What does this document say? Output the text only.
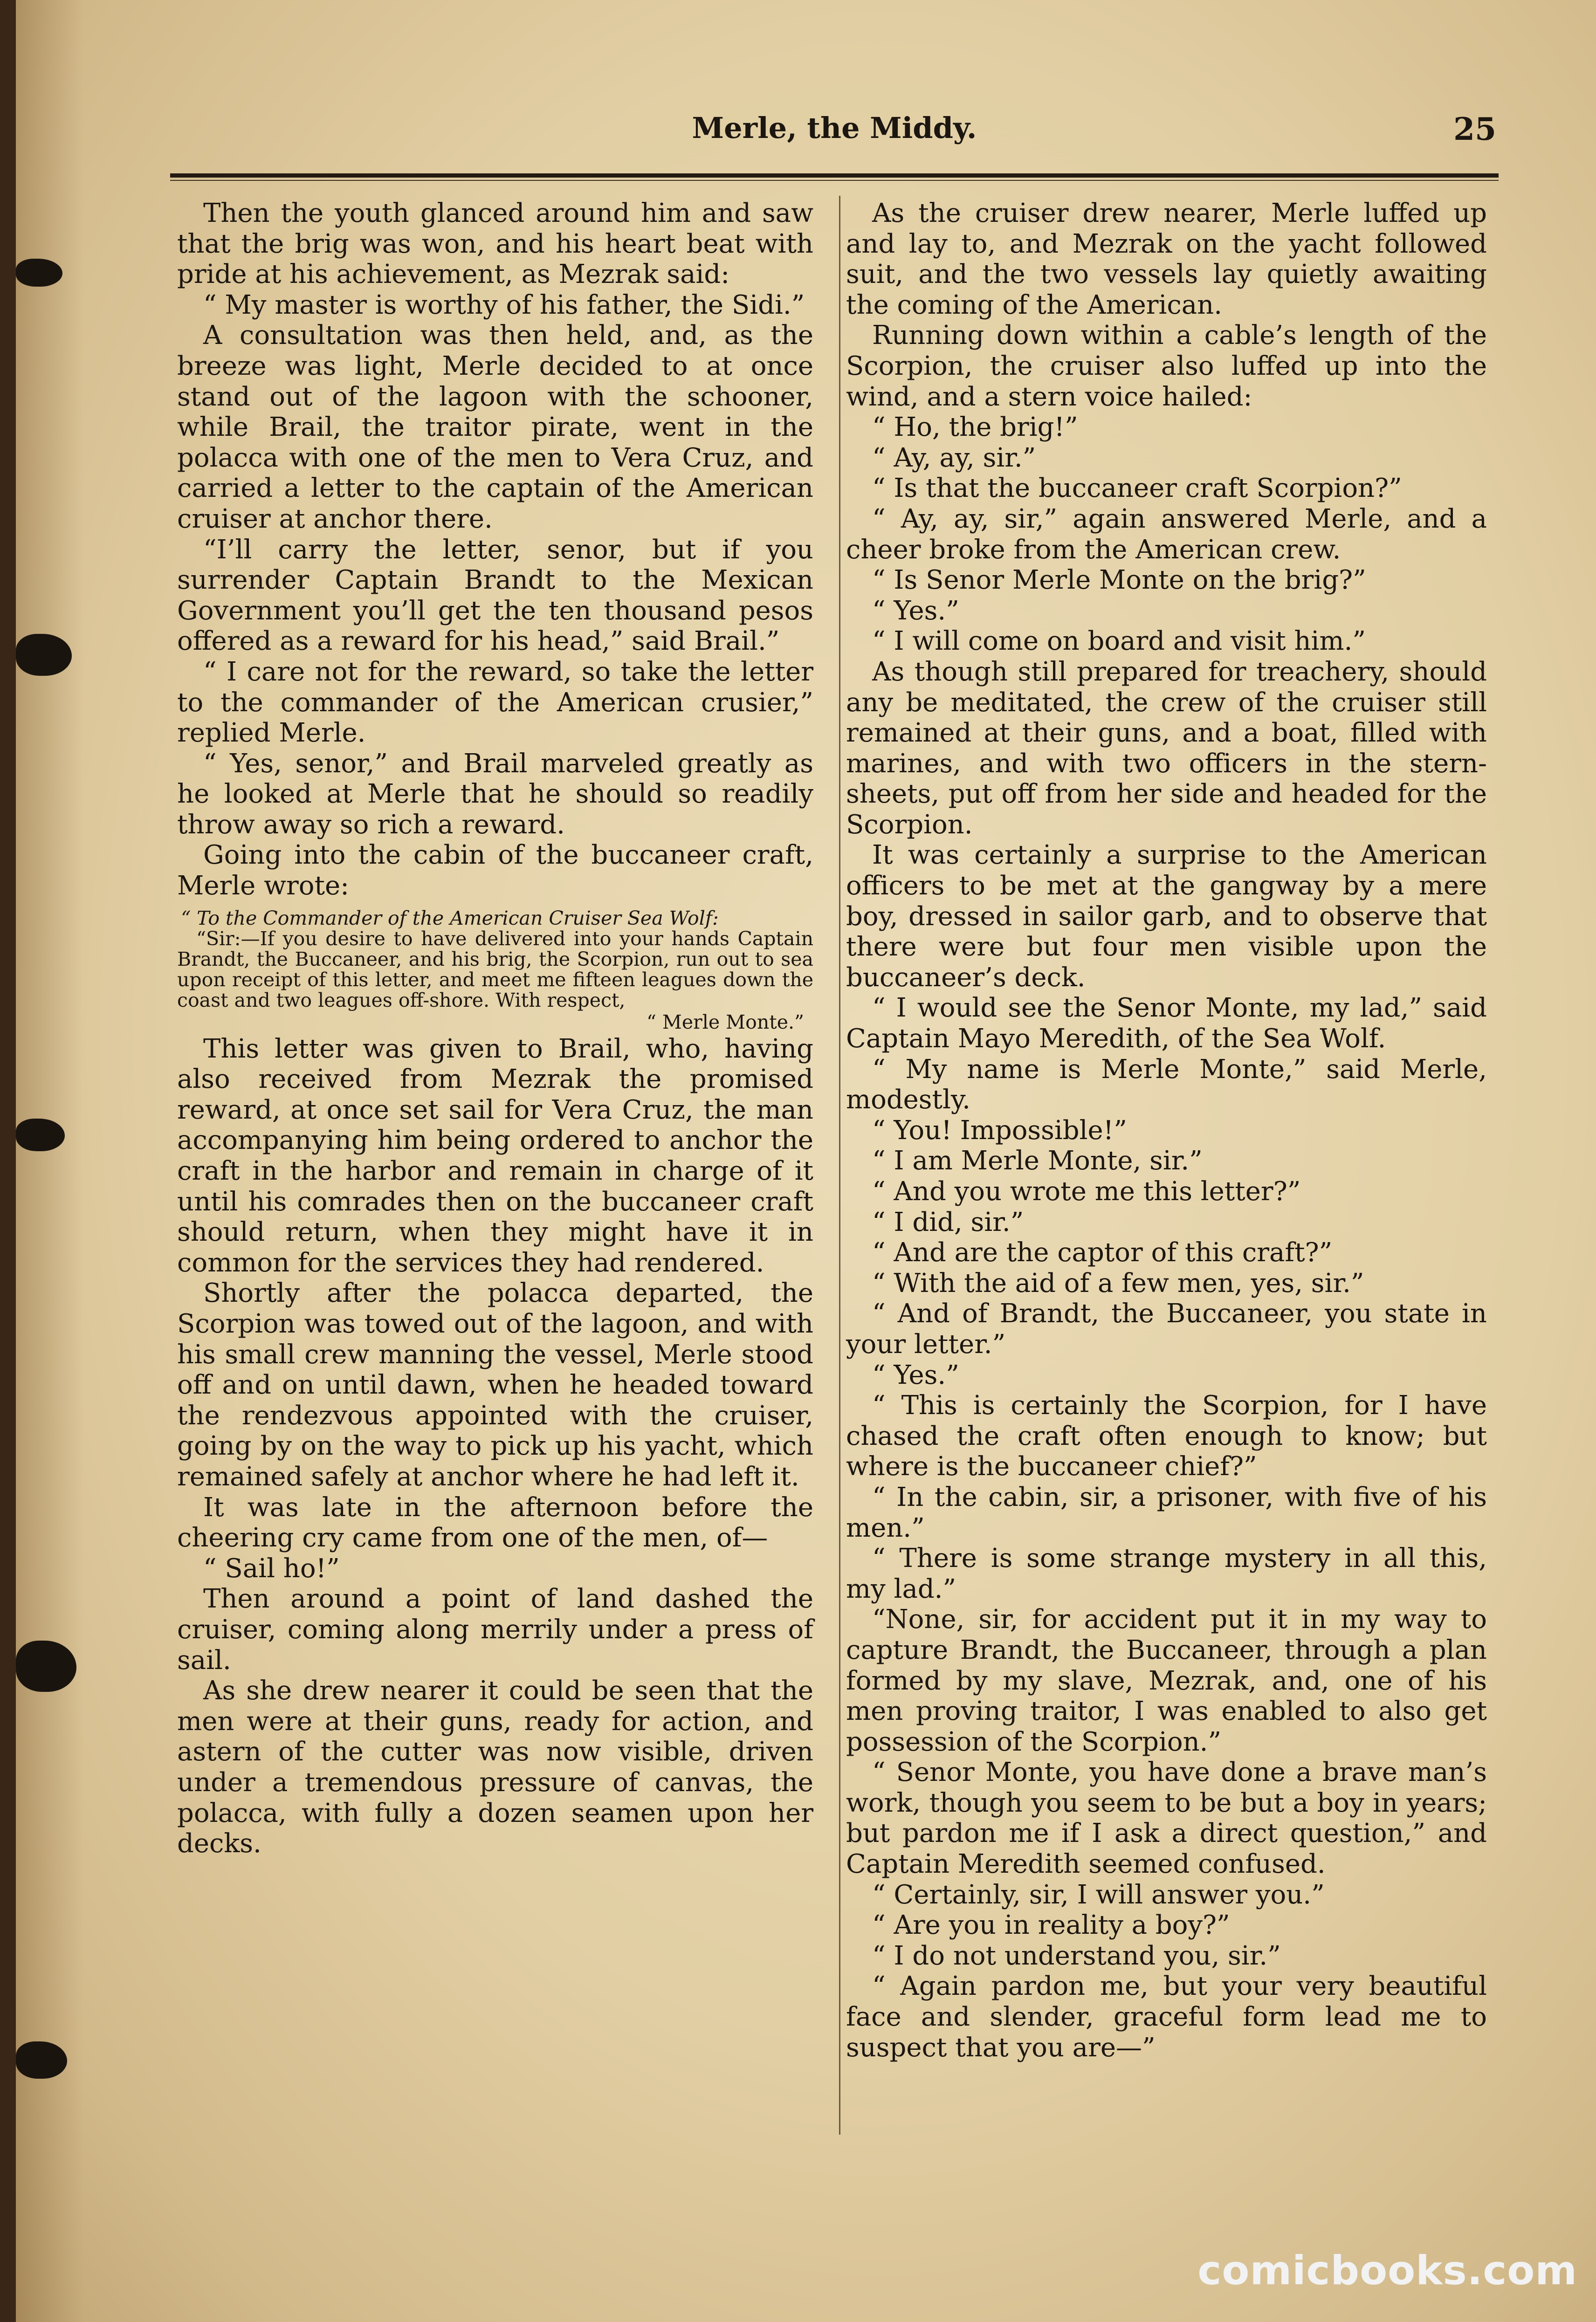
Merle, the Middy.	25

Then the youth glanced around him and saw that the brig was won, and his heart beat with pride at his achievement, as Mezrak said:

“ My master is worthy of his father, the Sidi.”

A consultation was then held, and, as the breeze was light, Merle decided to at once stand out of the lagoon with the schooner, while Brail, the traitor pirate, went in the polacca with one of the men to Vera Cruz, and carried a letter to the captain of the American cruiser at anchor there.

“I’ll carry the letter, senor, but if you surrender Captain Brandt to the Mexican Government you’ll get the ten thousand pesos offered as a reward for his head,” said Brail.”

“ I care not for the reward, so take the letter to the commander of the American crusier,” replied Merle.

“ Yes, senor,” and Brail marveled greatly as he looked at Merle that he should so readily throw away so rich a reward.

Going into the cabin of the buccaneer craft, Merle wrote:

“ To the Commander of the American Cruiser Sea Wolf:

“Sir:—If you desire to have delivered into your hands Captain Brandt, the Buccaneer, and his brig, the Scorpion, run out to sea upon receipt of this letter, and meet me fifteen leagues down the coast and two leagues off-shore. With respect,

“ Merle Monte.”

This letter was given to Brail, who, having also received from Mezrak the promised reward, at once set sail for Vera Cruz, the man accompanying him being ordered to anchor the craft in the harbor and remain in charge of it until his comrades then on the buccaneer craft should return, when they might have it in common for the services they had rendered.

Shortly after the polacca departed, the Scorpion was towed out of the lagoon, and with his small crew manning the vessel, Merle stood off and on until dawn, when he headed toward the rendezvous appointed with the cruiser, going by on the way to pick up his yacht, which remained safely at anchor where he had left it.

It was late in the afternoon before the cheering cry came from one of the men, of—

“ Sail ho!”

Then around a point of land dashed the cruiser, coming along merrily under a press of sail.

As she drew nearer it could be seen that the men were at their guns, ready for action, and astern of the cutter was now visible, driven under a tremendous pressure of canvas, the polacca, with fully a dozen seamen upon her decks.

As the cruiser drew nearer, Merle luffed up and lay to, and Mezrak on the yacht followed suit, and the two vessels lay quietly awaiting the coming of the American.

Running down within a cable’s length of the Scorpion, the cruiser also luffed up into the wind, and a stern voice hailed:

“ Ho, the brig!”

“ Ay, ay, sir.”

“ Is that the buccaneer craft Scorpion?”

“ Ay, ay, sir,” again answered Merle, and a cheer broke from the American crew.

“ Is Senor Merle Monte on the brig?”

“ Yes.”

“ I will come on board and visit him.”

As though still prepared for treachery, should any be meditated, the crew of the cruiser still remained at their guns, and a boat, filled with marines, and with two officers in the stern-sheets, put off from her side and headed for the Scorpion.

It was certainly a surprise to the American officers to be met at the gangway by a mere boy, dressed in sailor garb, and to observe that there were but four men visible upon the buccaneer’s deck.

“ I would see the Senor Monte, my lad,” said Captain Mayo Meredith, of the Sea Wolf.

“ My name is Merle Monte,” said Merle, modestly.

“ You! Impossible!”

“ I am Merle Monte, sir.”

“ And you wrote me this letter?”

“ I did, sir.”

“ And are the captor of this craft?”

“ With the aid of a few men, yes, sir.”

“ And of Brandt, the Buccaneer, you state in your letter.”

“ Yes.”

“ This is certainly the Scorpion, for I have chased the craft often enough to know; but where is the buccaneer chief?”

“ In the cabin, sir, a prisoner, with five of his men.”

“ There is some strange mystery in all this, my lad.”

“None, sir, for accident put it in my way to capture Brandt, the Buccaneer, through a plan formed by my slave, Mezrak, and, one of his men proving traitor, I was enabled to also get possession of the Scorpion.”

“ Senor Monte, you have done a brave man’s work, though you seem to be but a boy in years; but pardon me if I ask a direct question,” and Captain Meredith seemed confused.

“ Certainly, sir, I will answer you.”

“ Are you in reality a boy?”

“ I do not understand you, sir.”

“ Again pardon me, but your very beautiful face and slender, graceful form lead me to suspect that you are—”

comicbooks.com
